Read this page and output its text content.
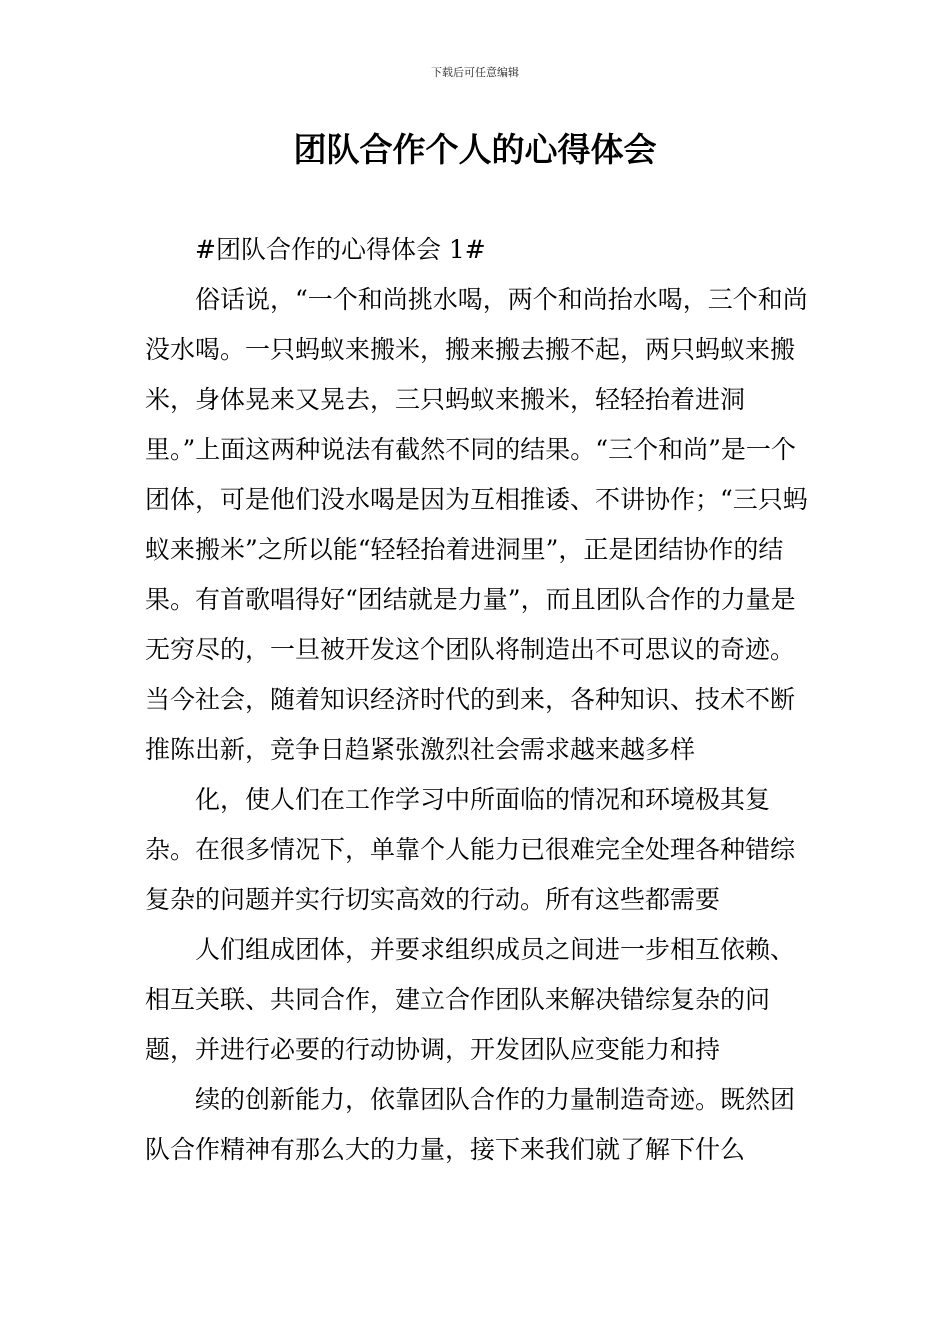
下载后可任意编辑
团队合作个人的心得体会

#团队合作的心得体会 1#

俗话说，“一个和尚挑水喝，两个和尚抬水喝，三个和尚没水喝。一只蚂蚁来搬米，搬来搬去搬不起，两只蚂蚁来搬米，身体晃来又晃去，三只蚂蚁来搬米，轻轻抬着进洞里。”上面这两种说法有截然不同的结果。“三个和尚”是一个团体，可是他们没水喝是因为互相推诿、不讲协作；“三只蚂蚁来搬米”之所以能“轻轻抬着进洞里”，正是团结协作的结果。有首歌唱得好“团结就是力量”，而且团队合作的力量是无穷尽的，一旦被开发这个团队将制造出不可思议的奇迹。当今社会，随着知识经济时代的到来，各种知识、技术不断推陈出新，竞争日趋紧张激烈社会需求越来越多样

化，使人们在工作学习中所面临的情况和环境极其复杂。在很多情况下，单靠个人能力已很难完全处理各种错综复杂的问题并实行切实高效的行动。所有这些都需要

人们组成团体，并要求组织成员之间进一步相互依赖、相互关联、共同合作，建立合作团队来解决错综复杂的问题，并进行必要的行动协调，开发团队应变能力和持

续的创新能力，依靠团队合作的力量制造奇迹。既然团队合作精神有那么大的力量，接下来我们就了解下什么
